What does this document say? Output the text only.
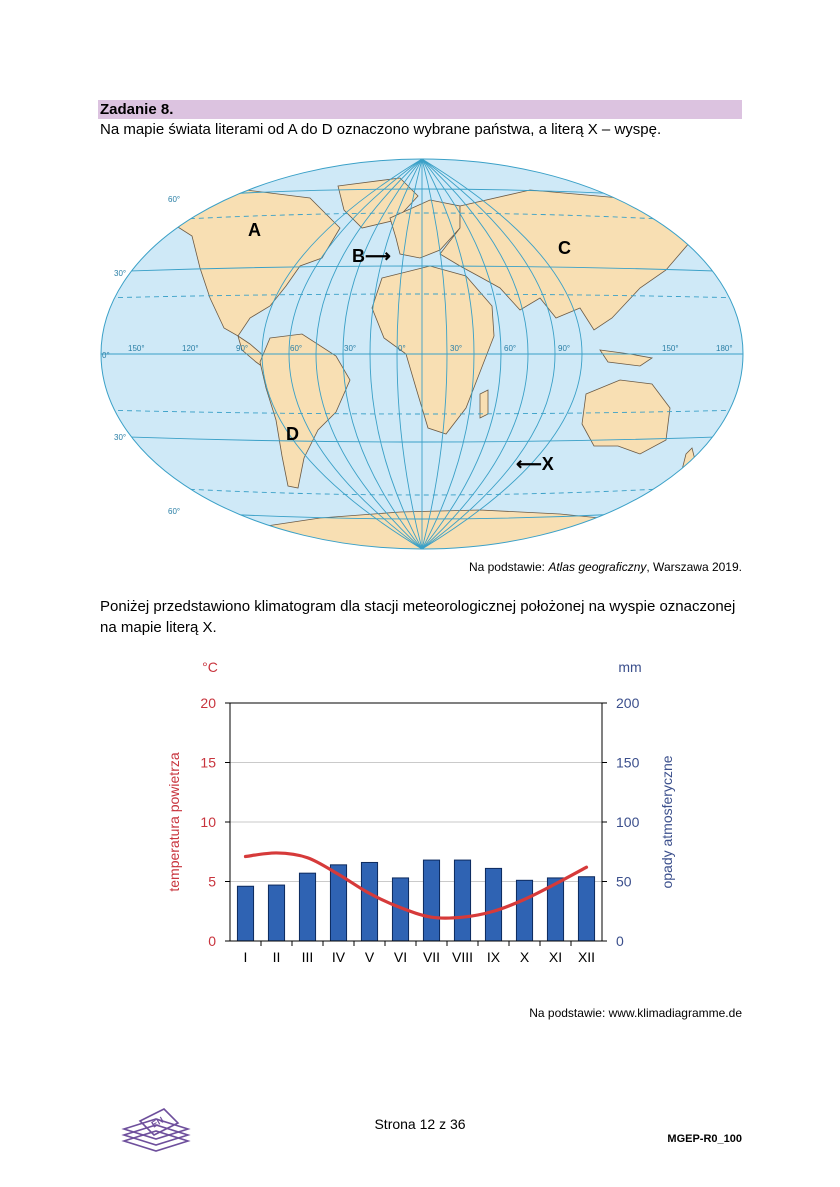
Zadanie 8.
Na mapie świata literami od A do D oznaczono wybrane państwa, a literą X – wyspę.
60°
30°
0°
30°
60°
150°	120°	90°	60°	30°	0°	30°	60°	90°	150°	180°
A
B⟶	C
D
⟵X
Na podstawie: Atlas geograficzny, Warszawa 2019.
Poniżej przedstawiono klimatogram dla stacji meteorologicznej położonej na wyspie oznaczonej na mapie literą X.
°C	mm
temperatura powietrza	opady atmosferyczne
0
5
10
15
20
0
50
100
150
200
I II III IV V VI VII VIII IX X XI XII
Na podstawie: www.klimadiagramme.de
EN	Strona 12 z 36
MGEP-R0_100
